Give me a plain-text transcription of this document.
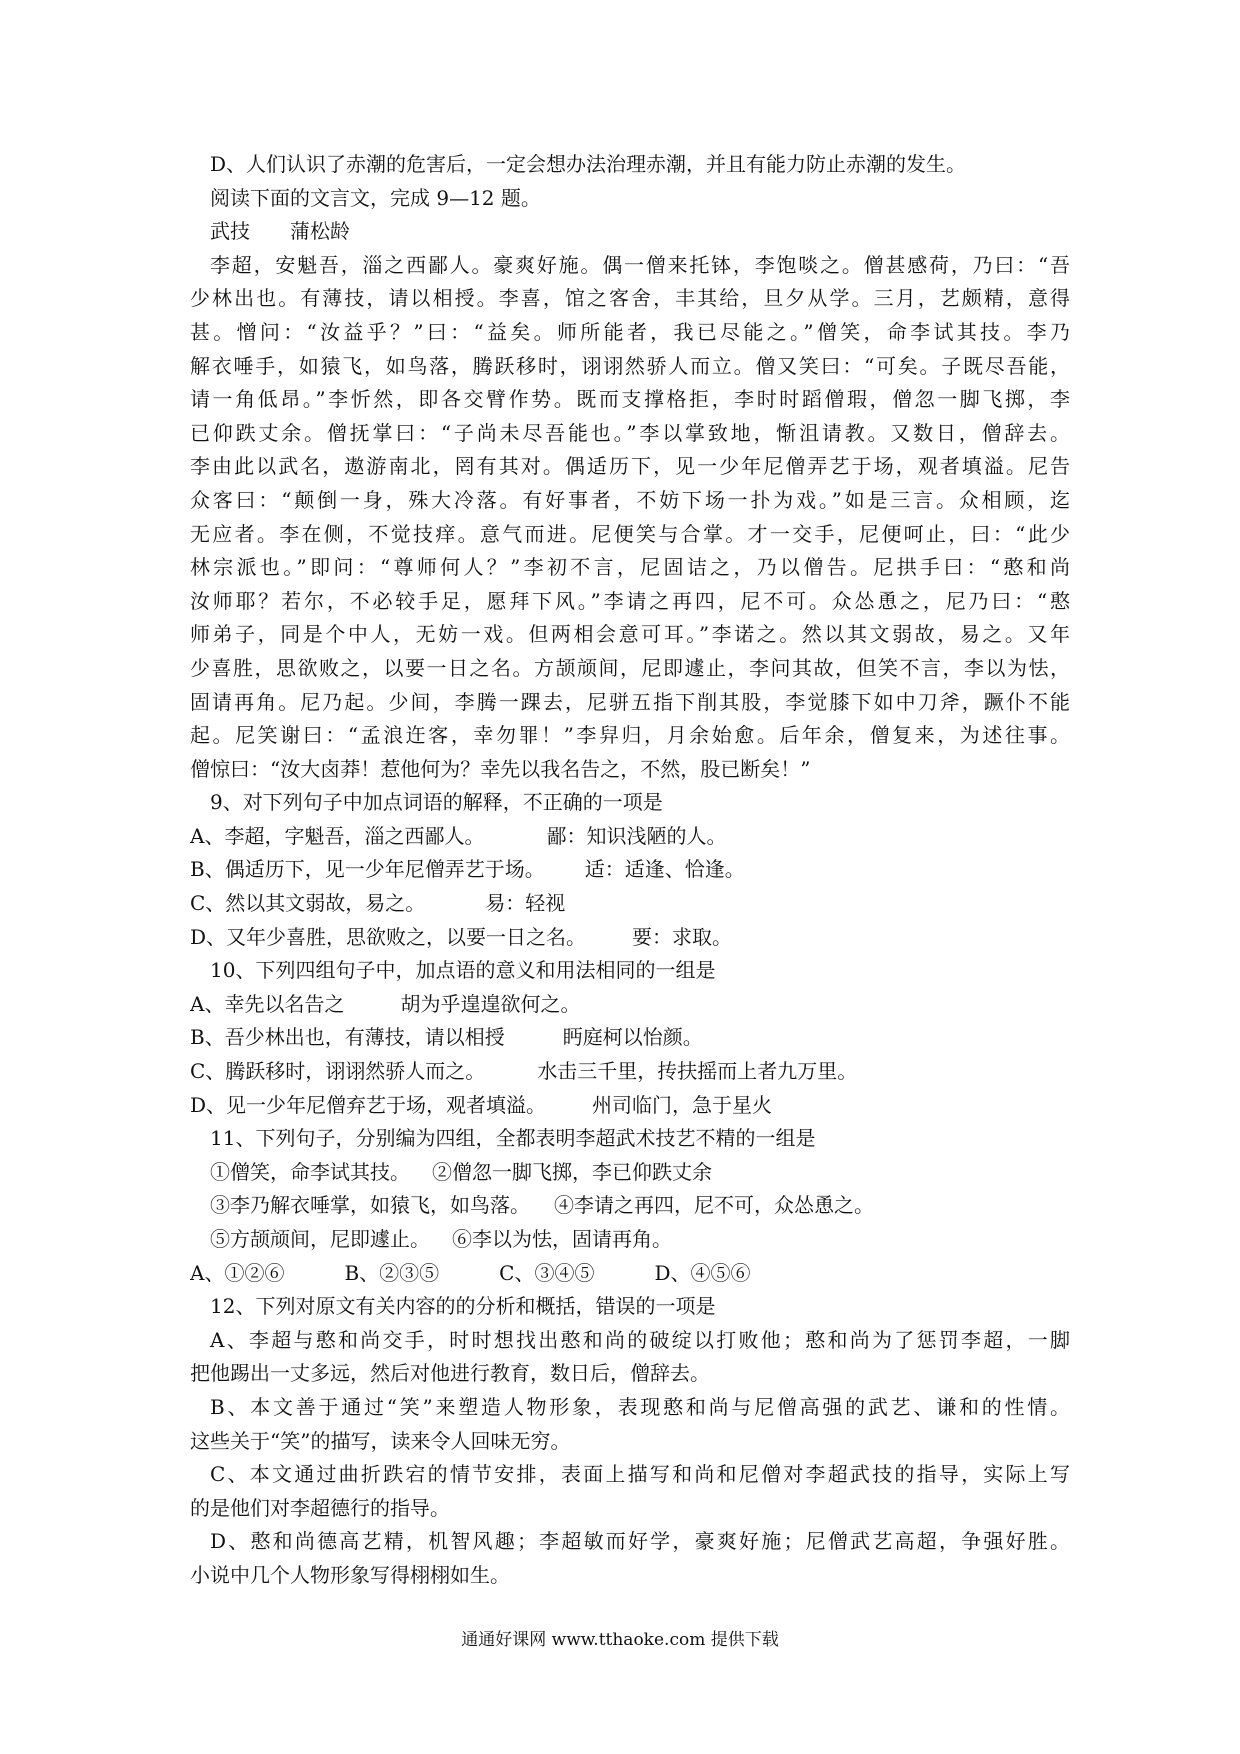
D、人们认识了赤潮的危害后，一定会想办法治理赤潮，并且有能力防止赤潮的发生。
阅读下面的文言文，完成 9—12 题。
武技 蒲松龄
李超，安魁吾，淄之西鄙人。豪爽好施。偶一僧来托钵，李饱啖之。僧甚感荷，乃曰：“吾
少林出也。有薄技，请以相授。李喜，馆之客舍，丰其给，旦夕从学。三月，艺颇精，意得
甚。憎问：“汝益乎？”曰：“益矣。师所能者，我已尽能之。”僧笑，命李试其技。李乃
解衣唾手，如猿飞，如鸟落，腾跃移时，诩诩然骄人而立。僧又笑曰：“可矣。子既尽吾能，
请一角低昂。”李忻然，即各交臂作势。既而支撑格拒，李时时蹈僧瑕，僧忽一脚飞掷，李
已仰跌丈余。僧抚掌曰：“子尚未尽吾能也。”李以掌致地，惭沮请教。又数日，僧辞去。
李由此以武名，遨游南北，罔有其对。偶适历下，见一少年尼僧弄艺于场，观者填溢。尼告
众客曰：“颠倒一身，殊大冷落。有好事者，不妨下场一扑为戏。”如是三言。众相顾，迄
无应者。李在侧，不觉技痒。意气而进。尼便笑与合掌。才一交手，尼便呵止，曰：“此少
林宗派也。”即问：“尊师何人？”李初不言，尼固诘之，乃以僧告。尼拱手曰：“憨和尚
汝师耶？若尔，不必较手足，愿拜下风。”李请之再四，尼不可。众怂恿之，尼乃曰：“憨
师弟子，同是个中人，无妨一戏。但两相会意可耳。”李诺之。然以其文弱故，易之。又年
少喜胜，思欲败之，以要一日之名。方颉颃间，尼即遽止，李问其故，但笑不言，李以为怯，
固请再角。尼乃起。少间，李腾一踝去，尼骈五指下削其股，李觉膝下如中刀斧，蹶仆不能
起。尼笑谢曰：“孟浪迕客，幸勿罪！”李舁归，月余始愈。后年余，僧复来，为述往事。
僧惊曰：“汝大卤莽！惹他何为？幸先以我名告之，不然，股已断矣！”
9、对下列句子中加点词语的解释，不正确的一项是
A、李超，字魁吾，淄之西鄙人。	鄙：知识浅陋的人。
B、偶适历下，见一少年尼僧弄艺于场。 适：适逢、恰逢。
C、然以其文弱故，易之。	易：轻视
D、又年少喜胜，思欲败之，以要一日之名。 要：求取。
10、下列四组句子中，加点语的意义和用法相同的一组是
A、幸先以名告之	胡为乎遑遑欲何之。
B、吾少林出也，有薄技，请以相授	眄庭柯以怡颜。
C、腾跃移时，诩诩然骄人而之。	水击三千里，抟扶摇而上者九万里。
D、见一少年尼僧弃艺于场，观者填溢。 州司临门，急于星火
11、下列句子，分别编为四组，全都表明李超武术技艺不精的一组是
①僧笑，命李试其技。 ②僧忽一脚飞掷，李已仰跌丈余
③李乃解衣唾掌，如猿飞，如鸟落。 ④李请之再四，尼不可，众怂恿之。
⑤方颉颃间，尼即遽止。 ⑥李以为怯，固请再角。
A、①②⑥	B、②③⑤	C、③④⑤	D、④⑤⑥
12、下列对原文有关内容的的分析和概括，错误的一项是
A、李超与憨和尚交手，时时想找出憨和尚的破绽以打败他；憨和尚为了惩罚李超，一脚
把他踢出一丈多远，然后对他进行教育，数日后，僧辞去。
B、本文善于通过“笑”来塑造人物形象，表现憨和尚与尼僧高强的武艺、谦和的性情。
这些关于“笑”的描写，读来令人回味无穷。
C、本文通过曲折跌宕的情节安排，表面上描写和尚和尼僧对李超武技的指导，实际上写
的是他们对李超德行的指导。
D、憨和尚德高艺精，机智风趣；李超敏而好学，豪爽好施；尼僧武艺高超，争强好胜。
小说中几个人物形象写得栩栩如生。
通通好课网 www.tthaoke.com 提供下载
